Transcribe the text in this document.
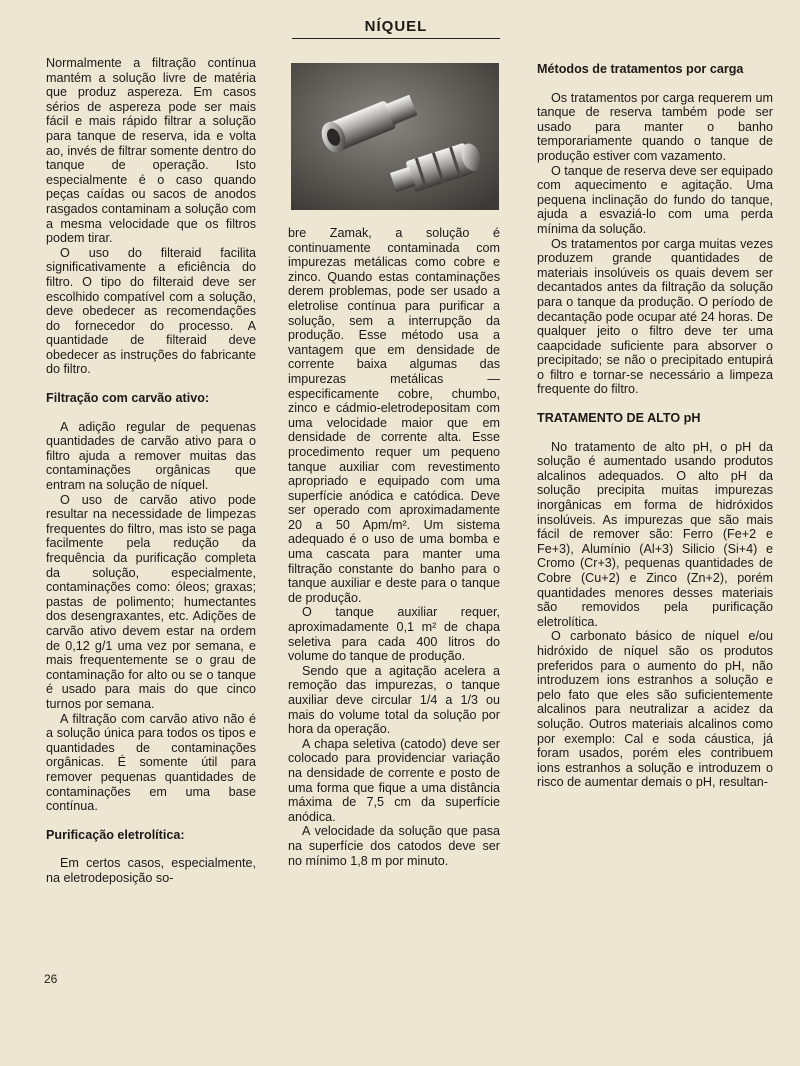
NÍQUEL

Normalmente a filtração contínua mantém a solução livre de matéria que produz aspereza. Em casos sérios de aspereza pode ser mais fácil e mais rápido filtrar a solução para tanque de reserva, ida e volta ao, invés de filtrar somente dentro do tanque de operação. Isto especialmente é o caso quando peças caídas ou sacos de anodos rasgados contaminam a solução com a mesma velocidade que os filtros podem tirar.

O uso do filteraid facilita significativamente a eficiência do filtro. O tipo do filteraid deve ser escolhido compatível com a solução, deve obedecer as recomendações do fornecedor do processo. A quantidade de filteraid deve obedecer as instruções do fabricante do filtro.

Filtração com carvão ativo:

A adição regular de pequenas quantidades de carvão ativo para o filtro ajuda a remover muitas das contaminações orgânicas que entram na solução de níquel.

O uso de carvão ativo pode resultar na necessidade de limpezas frequentes do filtro, mas isto se paga facilmente pela redução da frequência da purificação completa da solução, especialmente, contaminações como: óleos; graxas; pastas de polimento; humectantes dos desengraxantes, etc. Adições de carvão ativo devem estar na ordem de 0,12 g/1 uma vez por semana, e mais frequentemente se o grau de contaminação for alto ou se o tanque é usado para mais do que cinco turnos por semana.

A filtração com carvão ativo não é a solução única para todos os tipos e quantidades de contaminações orgânicas. É somente útil para remover pequenas quantidades de contaminações em uma base contínua.

Purificação eletrolítica:

Em certos casos, especialmente, na eletrodeposição so-

bre Zamak, a solução é continuamente contaminada com impurezas metálicas como cobre e zinco. Quando estas contaminações derem problemas, pode ser usado a eletrolise contínua para purificar a solução, sem a interrupção da produção. Esse método usa a vantagem que em densidade de corrente baixa algumas das impurezas metálicas — especificamente cobre, chumbo, zinco e cádmio-eletrodepositam com uma velocidade maior que em densidade de corrente alta. Esse procedimento requer um pequeno tanque auxiliar com revestimento apropriado e equipado com uma superfície anódica e catódica. Deve ser operado com aproximadamente 20 a 50 Apm/m². Um sistema adequado é o uso de uma bomba e uma cascata para manter uma filtração constante do banho para o tanque auxiliar e deste para o tanque de produção.

O tanque auxiliar requer, aproximadamente 0,1 m² de chapa seletiva para cada 400 litros do volume do tanque de produção.

Sendo que a agitação acelera a remoção das impurezas, o tanque auxiliar deve circular 1/4 a 1/3 ou mais do volume total da solução por hora da operação.

A chapa seletiva (catodo) deve ser colocado para providenciar variação na densidade de corrente e posto de uma forma que fique a uma distância máxima de 7,5 cm da superfície anódica.

A velocidade da solução que pasa na superfície dos catodos deve ser no mínimo 1,8 m por minuto.

Métodos de tratamentos por carga

Os tratamentos por carga requerem um tanque de reserva também pode ser usado para manter o banho temporariamente quando o tanque de produção estiver com vazamento.

O tanque de reserva deve ser equipado com aquecimento e agitação. Uma pequena inclinação do fundo do tanque, ajuda a esvaziá-lo com uma perda mínima da solução.

Os tratamentos por carga muitas vezes produzem grande quantidades de materiais insolúveis os quais devem ser decantados antes da filtração da solução para o tanque da produção. O período de decantação pode ocupar até 24 horas. De qualquer jeito o filtro deve ter uma caapcidade suficiente para absorver o precipitado; se não o precipitado entupirá o filtro e tornar-se necessário a limpeza frequente do filtro.

TRATAMENTO DE ALTO pH

No tratamento de alto pH, o pH da solução é aumentado usando produtos alcalinos adequados. O alto pH da solução precipita muitas impurezas inorgânicas em forma de hidróxidos insolúveis. As impurezas que são mais fácil de remover são: Ferro (Fe+2 e Fe+3), Alumínio (Al+3) Silicio (Si+4) e Cromo (Cr+3), pequenas quantidades de Cobre (Cu+2) e Zinco (Zn+2), porém quantidades menores desses materiais são removidos pela purificação eletrolítica.

O carbonato básico de níquel e/ou hidróxido de níquel são os produtos preferidos para o aumento do pH, não introduzem ions estranhos a solução e pelo fato que eles são suficientemente alcalinos para neutralizar a acidez da solução. Outros materiais alcalinos como por exemplo: Cal e soda cáustica, já foram usados, porém eles contribuem ions estranhos a solução e introduzem o risco de aumentar demais o pH, resultan-

26
